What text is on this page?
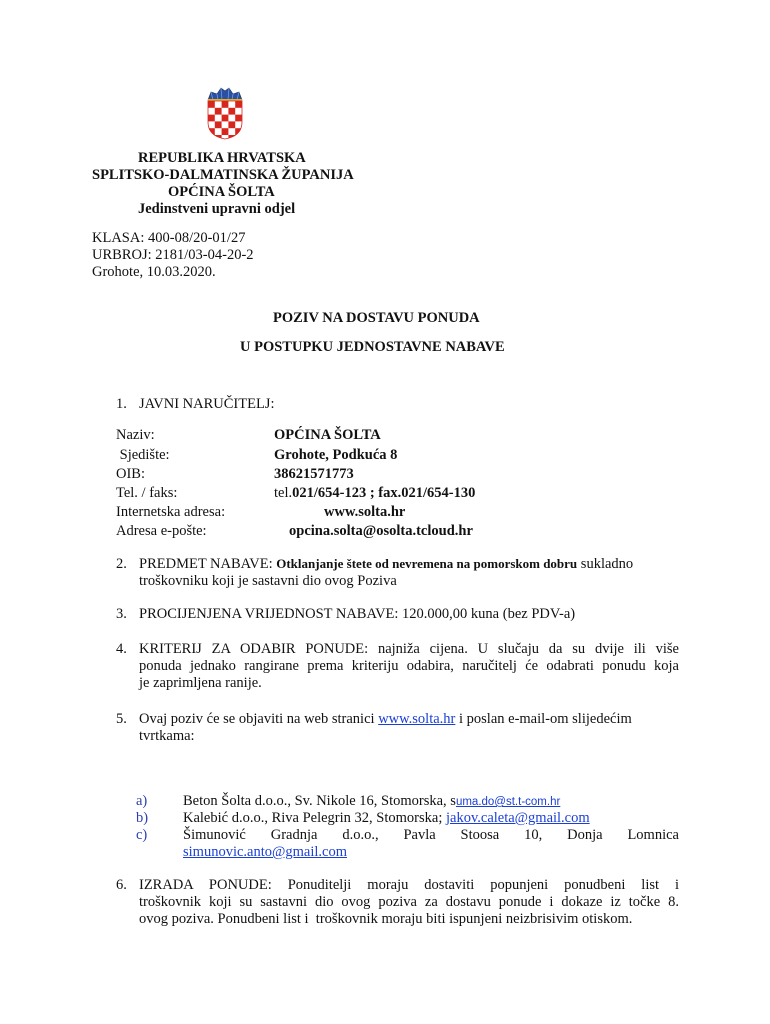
REPUBLIKA HRVATSKA
SPLITSKO-DALMATINSKA ŽUPANIJA
OPĆINA ŠOLTA
Jedinstveni upravni odjel
KLASA: 400-08/20-01/27
URBROJ: 2181/03-04-20-2
Grohote, 10.03.2020.
POZIV NA DOSTAVU PONUDA
U POSTUPKU JEDNOSTAVNE NABAVE
1. JAVNI NARUČITELJ:
Naziv:	OPĆINA ŠOLTA
Sjedište:	Grohote, Podkuća 8
OIB:	38621571773
Tel. / faks:	tel.021/654-123 ; fax.021/654-130
Internetska adresa:	www.solta.hr
Adresa e-pošte:	opcina.solta@osolta.tcloud.hr
2. PREDMET NABAVE: Otklanjanje štete od nevremena na pomorskom dobru sukladno
troškovniku koji je sastavni dio ovog Poziva
3. PROCIJENJENA VRIJEDNOST NABAVE: 120.000,00 kuna (bez PDV-a)
4. KRITERIJ ZA ODABIR PONUDE: najniža cijena. U slučaju da su dvije ili više
ponuda jednako rangirane prema kriteriju odabira, naručitelj će odabrati ponudu koja
je zaprimljena ranije.
5. Ovaj poziv će se objaviti na web stranici www.solta.hr i poslan e-mail-om slijedećim
tvrtkama:
a) Beton Šolta d.o.o., Sv. Nikole 16, Stomorska, suma.do@st.t-com.hr
b) Kalebić d.o.o., Riva Pelegrin 32, Stomorska; jakov.caleta@gmail.com
c) Šimunović Gradnja d.o.o., Pavla Stoosa 10, Donja Lomnica
simunovic.anto@gmail.com
6. IZRADA PONUDE: Ponuditelji moraju dostaviti popunjeni ponudbeni list i
troškovnik koji su sastavni dio ovog poziva za dostavu ponude i dokaze iz točke 8.
ovog poziva. Ponudbeni list i  troškovnik moraju biti ispunjeni neizbrisivim otiskom.
